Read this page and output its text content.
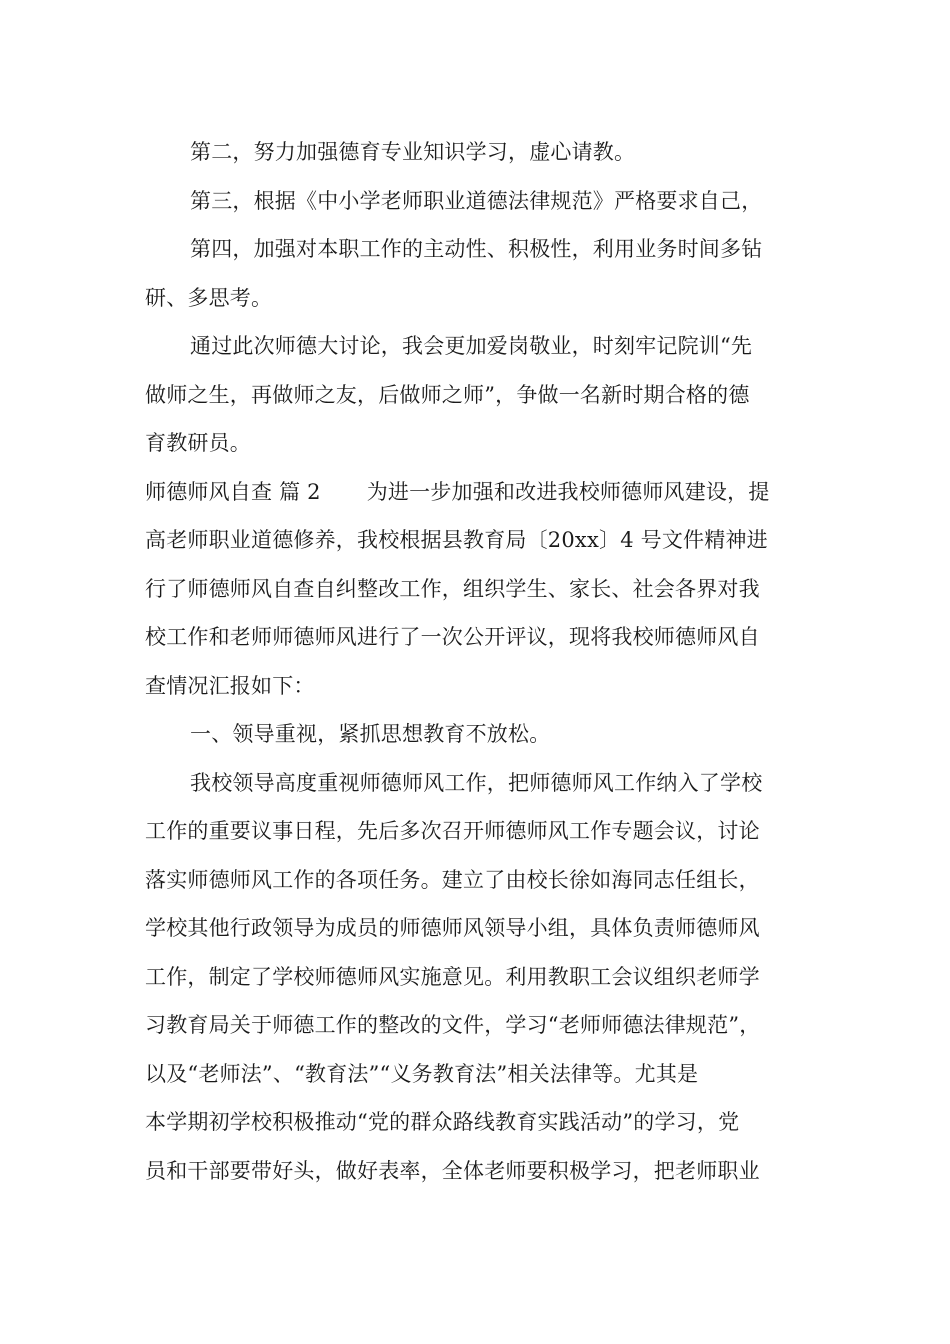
第二，努力加强德育专业知识学习，虚心请教。
第三，根据《中小学老师职业道德法律规范》严格要求自己，
第四，加强对本职工作的主动性、积极性，利用业务时间多钻
研、多思考。
通过此次师德大讨论，我会更加爱岗敬业，时刻牢记院训“先
做师之生，再做师之友，后做师之师”，争做一名新时期合格的德
育教研员。
师德师风自查 篇 2 为进一步加强和改进我校师德师风建设，提
高老师职业道德修养，我校根据县教育局〔20xx〕4 号文件精神进
行了师德师风自查自纠整改工作，组织学生、家长、社会各界对我
校工作和老师师德师风进行了一次公开评议，现将我校师德师风自
查情况汇报如下：
一、领导重视，紧抓思想教育不放松。
我校领导高度重视师德师风工作，把师德师风工作纳入了学校
工作的重要议事日程，先后多次召开师德师风工作专题会议，讨论
落实师德师风工作的各项任务。建立了由校长徐如海同志任组长，
学校其他行政领导为成员的师德师风领导小组，具体负责师德师风
工作，制定了学校师德师风实施意见。利用教职工会议组织老师学
习教育局关于师德工作的整改的文件，学习“老师师德法律规范”，
以及“老师法”、“教育法”“义务教育法”相关法律等。尤其是
本学期初学校积极推动“党的群众路线教育实践活动”的学习，党
员和干部要带好头，做好表率，全体老师要积极学习，把老师职业
